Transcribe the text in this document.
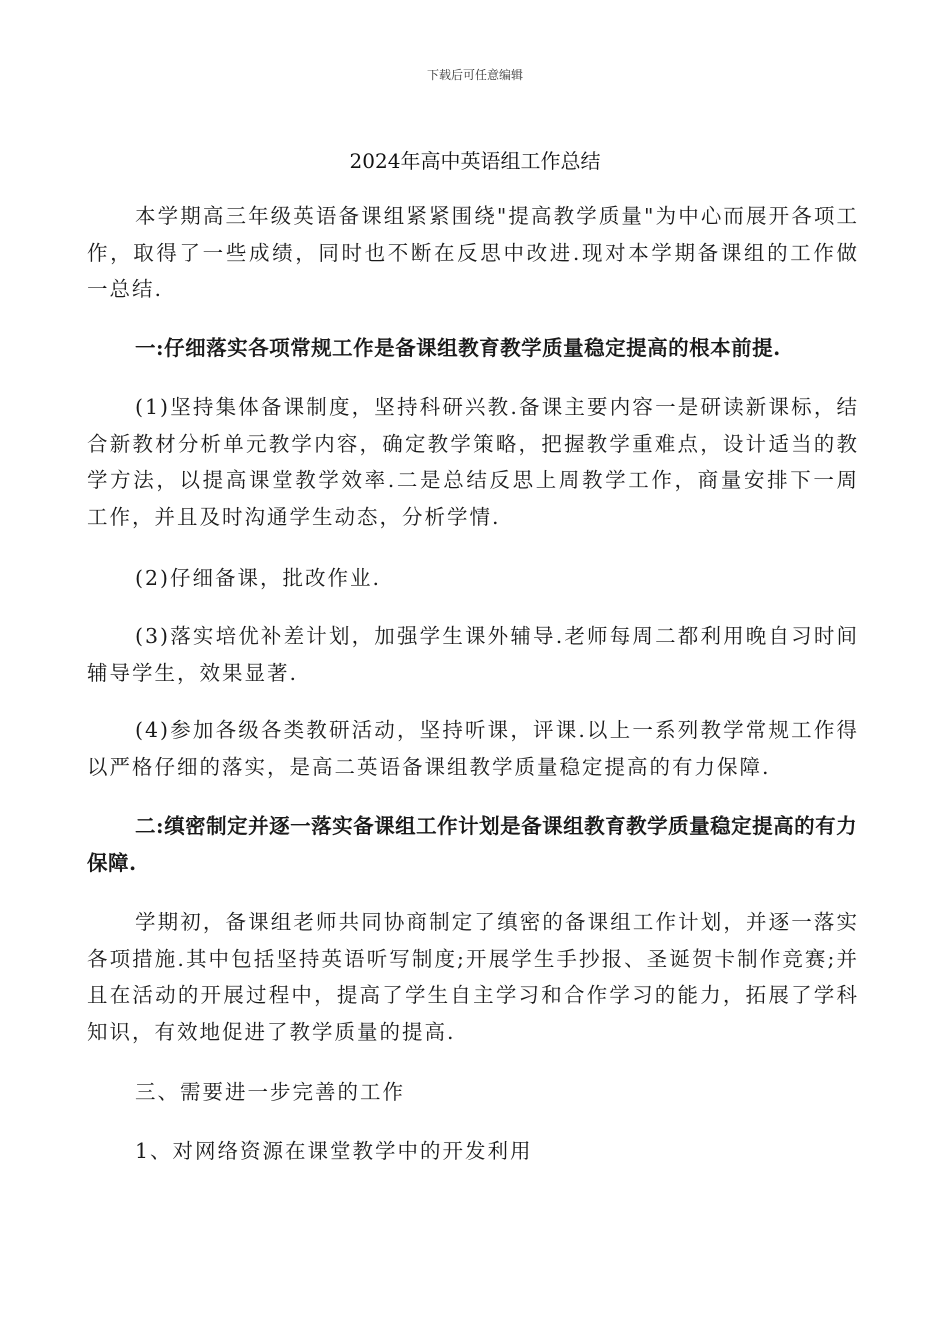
下载后可任意编辑
2024年高中英语组工作总结

本学期高三年级英语备课组紧紧围绕"提高教学质量"为中心而展开各项工作，取得了一些成绩，同时也不断在反思中改进.现对本学期备课组的工作做一总结.

一:仔细落实各项常规工作是备课组教育教学质量稳定提高的根本前提.

(1)坚持集体备课制度，坚持科研兴教.备课主要内容一是研读新课标，结合新教材分析单元教学内容，确定教学策略，把握教学重难点，设计适当的教学方法，以提高课堂教学效率.二是总结反思上周教学工作，商量安排下一周工作，并且及时沟通学生动态，分析学情.

(2)仔细备课，批改作业.

(3)落实培优补差计划，加强学生课外辅导.老师每周二都利用晚自习时间辅导学生，效果显著.

(4)参加各级各类教研活动，坚持听课，评课.以上一系列教学常规工作得以严格仔细的落实，是高二英语备课组教学质量稳定提高的有力保障.

二:缜密制定并逐一落实备课组工作计划是备课组教育教学质量稳定提高的有力保障.

学期初，备课组老师共同协商制定了缜密的备课组工作计划，并逐一落实各项措施.其中包括坚持英语听写制度;开展学生手抄报、圣诞贺卡制作竞赛;并且在活动的开展过程中，提高了学生自主学习和合作学习的能力，拓展了学科知识，有效地促进了教学质量的提高.

三、需要进一步完善的工作

1、对网络资源在课堂教学中的开发利用
